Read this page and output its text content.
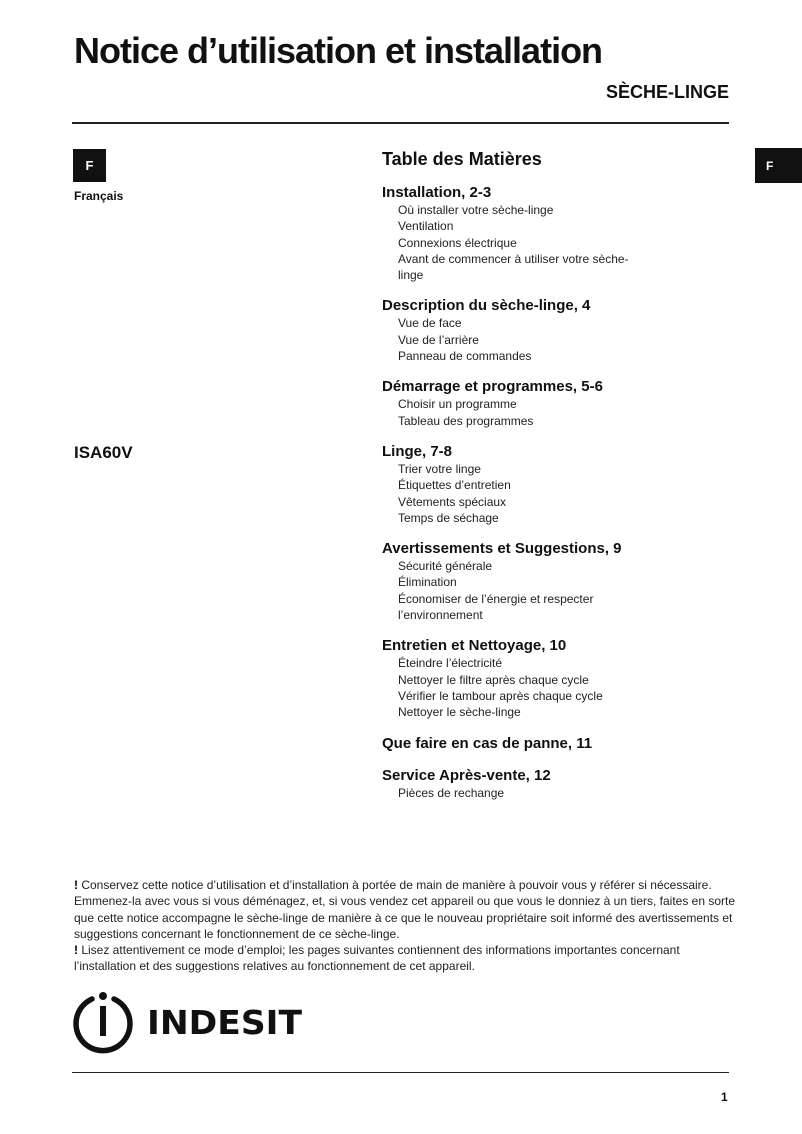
Notice d’utilisation et installation
SÈCHE-LINGE
F
Français
ISA60V
F
Table des Matières
Installation, 2-3
Où installer votre sèche-linge
Ventilation
Connexions électrique
Avant de commencer à utiliser votre sèche-linge
Description du sèche-linge, 4
Vue de face
Vue de l’arrière
Panneau de commandes
Démarrage et programmes, 5-6
Choisir un programme
Tableau des programmes
Linge, 7-8
Trier votre linge
Étiquettes d’entretien
Vêtements spéciaux
Temps de séchage
Avertissements et Suggestions, 9
Sécurité générale
Élimination
Économiser de l’énergie et respecter l’environnement
Entretien et Nettoyage, 10
Éteindre l’électricité
Nettoyer le filtre après chaque cycle
Vérifier le tambour après chaque cycle
Nettoyer le sèche-linge
Que faire en cas de panne, 11
Service Après-vente, 12
Pièces de rechange

! Conservez cette notice d’utilisation et d’installation à portée de main de manière à pouvoir vous y référer si nécessaire. Emmenez-la avec vous si vous déménagez, et, si vous vendez cet appareil ou que vous le donniez à un tiers, faites en sorte que cette notice accompagne le sèche-linge de manière à ce que le nouveau propriétaire soit informé des avertissements et suggestions concernant le fonctionnement de ce sèche-linge.

! Lisez attentivement ce mode d’emploi; les pages suivantes contiennent des informations importantes concernant l’installation et des suggestions relatives au fonctionnement de cet appareil.

INDESIT
1
